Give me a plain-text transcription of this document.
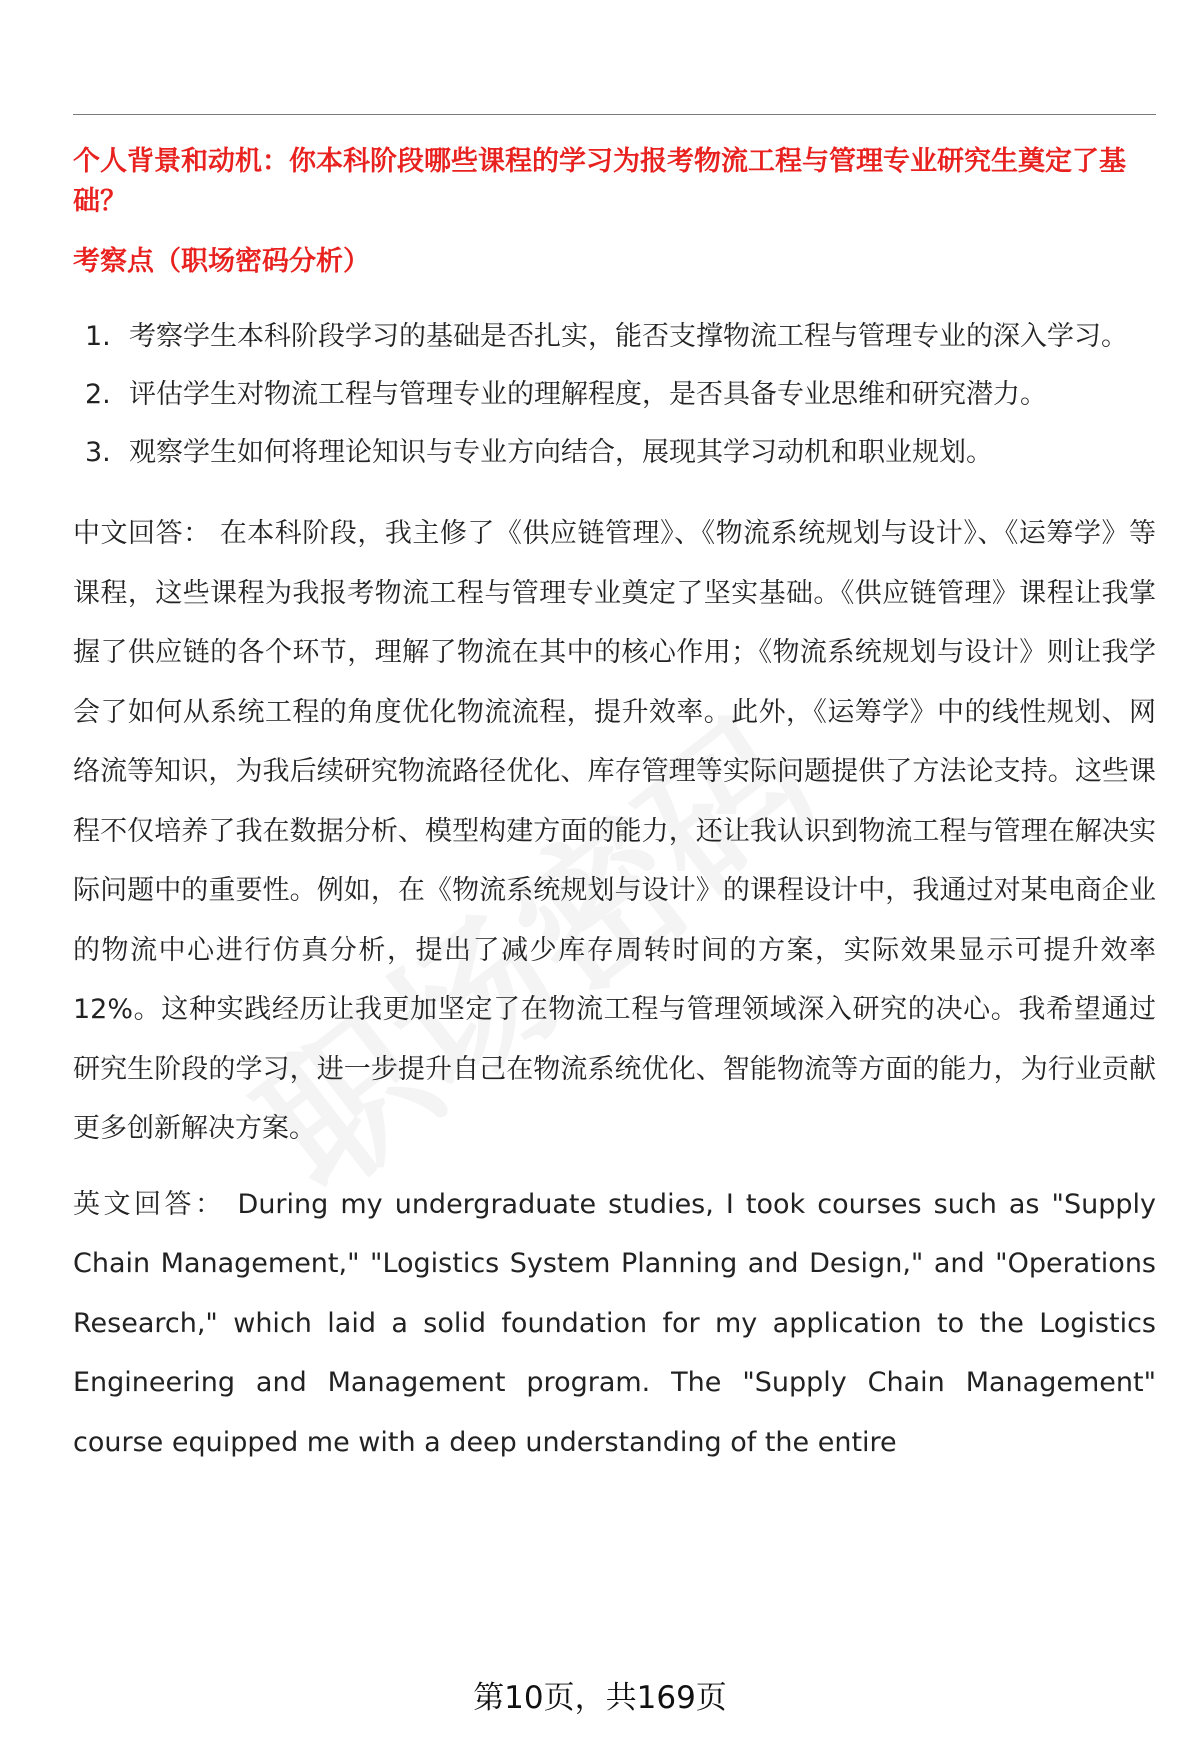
个人背景和动机：你本科阶段哪些课程的学习为报考物流工程与管理专业研究生奠定了基础？
考察点（职场密码分析）
1. 考察学生本科阶段学习的基础是否扎实，能否支撑物流工程与管理专业的深入学习。
2. 评估学生对物流工程与管理专业的理解程度，是否具备专业思维和研究潜力。
3. 观察学生如何将理论知识与专业方向结合，展现其学习动机和职业规划。

中文回答： 在本科阶段，我主修了《供应链管理》、《物流系统规划与设计》、《运筹学》等课程，这些课程为我报考物流工程与管理专业奠定了坚实基础。《供应链管理》课程让我掌握了供应链的各个环节，理解了物流在其中的核心作用；《物流系统规划与设计》则让我学会了如何从系统工程的角度优化物流流程，提升效率。此外，《运筹学》中的线性规划、网络流等知识，为我后续研究物流路径优化、库存管理等实际问题提供了方法论支持。这些课程不仅培养了我在数据分析、模型构建方面的能力，还让我认识到物流工程与管理在解决实际问题中的重要性。例如，在《物流系统规划与设计》的课程设计中，我通过对某电商企业的物流中心进行仿真分析，提出了减少库存周转时间的方案，实际效果显示可提升效率12%。这种实践经历让我更加坚定了在物流工程与管理领域深入研究的决心。我希望通过研究生阶段的学习，进一步提升自己在物流系统优化、智能物流等方面的能力，为行业贡献更多创新解决方案。

英文回答： During my undergraduate studies, I took courses such as "Supply Chain Management," "Logistics System Planning and Design," and "Operations Research," which laid a solid foundation for my application to the Logistics Engineering and Management program. The "Supply Chain Management" course equipped me with a deep understanding of the entire

第10页，共169页
